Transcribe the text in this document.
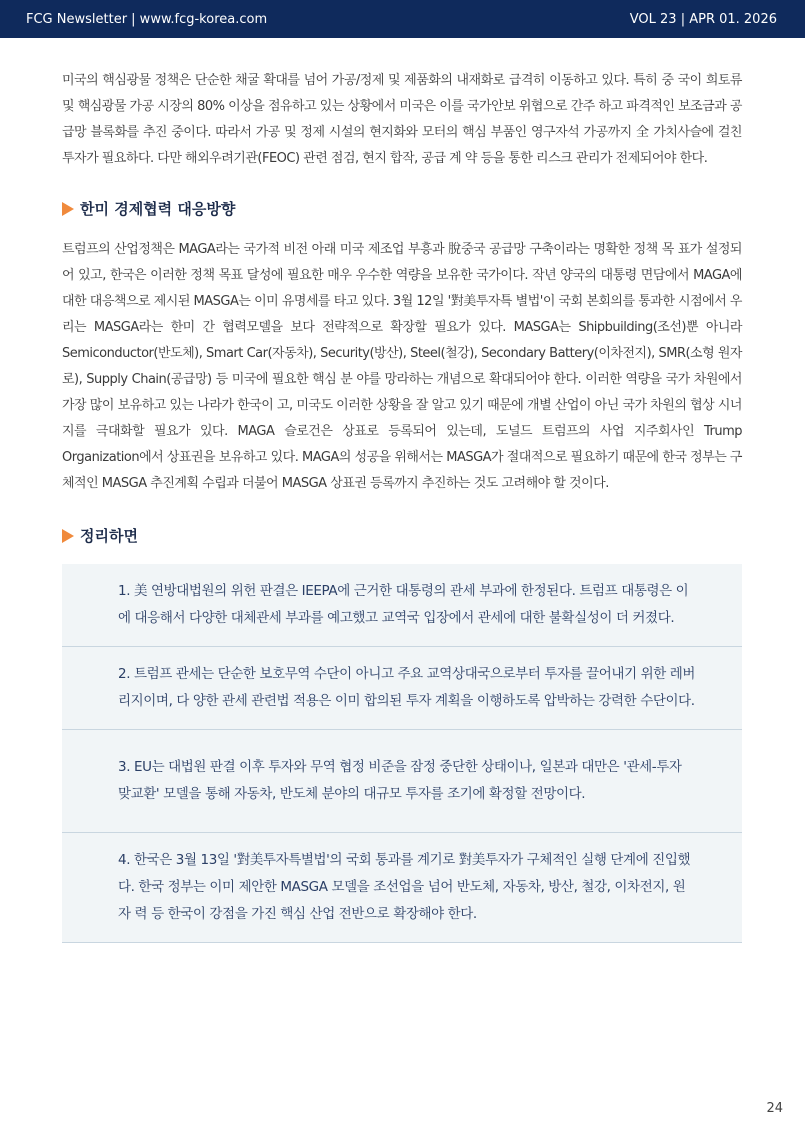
FCG Newsletter | www.fcg-korea.com	VOL 23 | APR 01. 2026

미국의 핵심광물 정책은 단순한 채굴 확대를 넘어 가공/정제 및 제품화의 내재화로 급격히 이동하고 있다. 특히 중 국이 희토류 및 핵심광물 가공 시장의 80% 이상을 점유하고 있는 상황에서 미국은 이를 국가안보 위협으로 간주 하고 파격적인 보조금과 공급망 블록화를 추진 중이다. 따라서 가공 및 정제 시설의 현지화와 모터의 핵심 부품인 영구자석 가공까지 全 가치사슬에 걸친 투자가 필요하다. 다만 해외우려기관(FEOC) 관련 점검, 현지 합작, 공급 계 약 등을 통한 리스크 관리가 전제되어야 한다.

한미 경제협력 대응방향

트럼프의 산업정책은 MAGA라는 국가적 비전 아래 미국 제조업 부흥과 脫중국 공급망 구축이라는 명확한 정책 목 표가 설정되어 있고, 한국은 이러한 정책 목표 달성에 필요한 매우 우수한 역량을 보유한 국가이다. 작년 양국의 대통령 면담에서 MAGA에 대한 대응책으로 제시된 MASGA는 이미 유명세를 타고 있다. 3월 12일 '對美투자특 별법'이 국회 본회의를 통과한 시점에서 우리는 MASGA라는 한미 간 협력모델을 보다 전략적으로 확장할 필요가 있다. MASGA는 Shipbuilding(조선)뿐 아니라 Semiconductor(반도체), Smart Car(자동차), Security(방산), Steel(철강), Secondary Battery(이차전지), SMR(소형 원자로), Supply Chain(공급망) 등 미국에 필요한 핵심 분 야를 망라하는 개념으로 확대되어야 한다. 이러한 역량을 국가 차원에서 가장 많이 보유하고 있는 나라가 한국이 고, 미국도 이러한 상황을 잘 알고 있기 때문에 개별 산업이 아닌 국가 차원의 협상 시너지를 극대화할 필요가 있다. MAGA 슬로건은 상표로 등록되어 있는데, 도널드 트럼프의 사업 지주회사인 Trump Organization에서 상표권을 보유하고 있다. MAGA의 성공을 위해서는 MASGA가 절대적으로 필요하기 때문에 한국 정부는 구체적인 MASGA 추진계획 수립과 더불어 MASGA 상표권 등록까지 추진하는 것도 고려해야 할 것이다.

정리하면
1. 美 연방대법원의 위헌 판결은 IEEPA에 근거한 대통령의 관세 부과에 한정된다. 트럼프 대통령은 이에 대응해서 다양한 대체관세 부과를 예고했고 교역국 입장에서 관세에 대한 불확실성이 더 커졌다.
2. 트럼프 관세는 단순한 보호무역 수단이 아니고 주요 교역상대국으로부터 투자를 끌어내기 위한 레버리지이며, 다 양한 관세 관련법 적용은 이미 합의된 투자 계획을 이행하도록 압박하는 강력한 수단이다.
3. EU는 대법원 판결 이후 투자와 무역 협정 비준을 잠정 중단한 상태이나, 일본과 대만은 '관세-투자 맞교환' 모델을 통해 자동차, 반도체 분야의 대규모 투자를 조기에 확정할 전망이다.
4. 한국은 3월 13일 '對美투자특별법'의 국회 통과를 계기로 對美투자가 구체적인 실행 단계에 진입했 다. 한국 정부는 이미 제안한 MASGA 모델을 조선업을 넘어 반도체, 자동차, 방산, 철강, 이차전지, 원자 력 등 한국이 강점을 가진 핵심 산업 전반으로 확장해야 한다.
24
